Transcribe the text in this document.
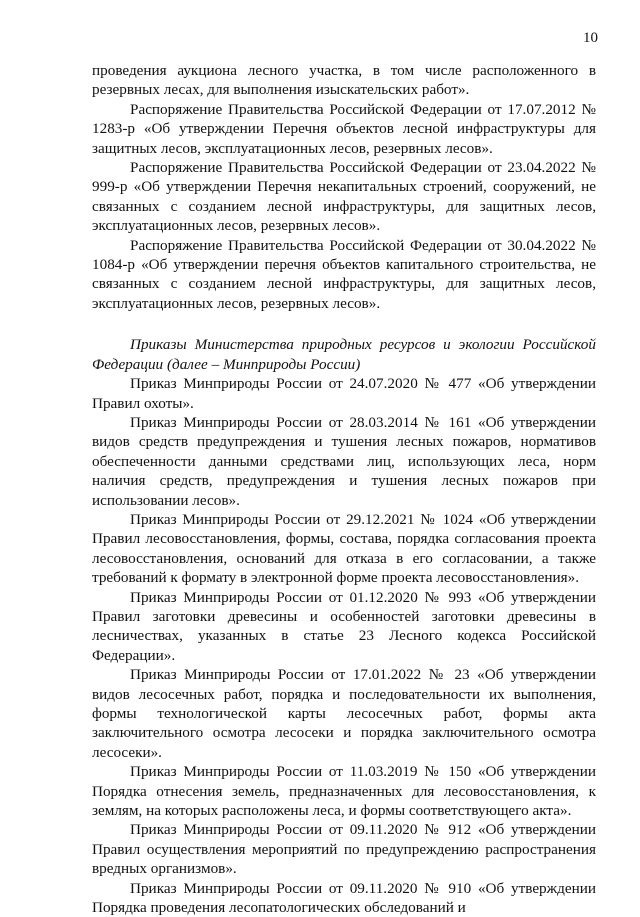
10

проведения аукциона лесного участка, в том числе расположенного в резервных лесах, для выполнения изыскательских работ».

Распоряжение Правительства Российской Федерации от 17.07.2012 № 1283-р «Об утверждении Перечня объектов лесной инфраструктуры для защитных лесов, эксплуатационных лесов, резервных лесов».

Распоряжение Правительства Российской Федерации от 23.04.2022 № 999-р «Об утверждении Перечня некапитальных строений, сооружений, не связанных с созданием лесной инфраструктуры, для защитных лесов, эксплуатационных лесов, резервных лесов».

Распоряжение Правительства Российской Федерации от 30.04.2022 № 1084-р «Об утверждении перечня объектов капитального строительства, не связанных с созданием лесной инфраструктуры, для защитных лесов, эксплуатационных лесов, резервных лесов».

Приказы Министерства природных ресурсов и экологии Российской Федерации (далее – Минприроды России)

Приказ Минприроды России от 24.07.2020 № 477 «Об утверждении Правил охоты».

Приказ Минприроды России от 28.03.2014 № 161 «Об утверждении видов средств предупреждения и тушения лесных пожаров, нормативов обеспеченности данными средствами лиц, использующих леса, норм наличия средств, предупреждения и тушения лесных пожаров при использовании лесов».

Приказ Минприроды России от 29.12.2021 № 1024 «Об утверждении Правил лесовосстановления, формы, состава, порядка согласования проекта лесовосстановления, оснований для отказа в его согласовании, а также требований к формату в электронной форме проекта лесовосстановления».

Приказ Минприроды России от 01.12.2020 № 993 «Об утверждении Правил заготовки древесины и особенностей заготовки древесины в лесничествах, указанных в статье 23 Лесного кодекса Российской Федерации».

Приказ Минприроды России от 17.01.2022 № 23 «Об утверждении видов лесосечных работ, порядка и последовательности их выполнения, формы технологической карты лесосечных работ, формы акта заключительного осмотра лесосеки и порядка заключительного осмотра лесосеки».

Приказ Минприроды России от 11.03.2019 № 150 «Об утверждении Порядка отнесения земель, предназначенных для лесовосстановления, к землям, на которых расположены леса, и формы соответствующего акта».

Приказ Минприроды России от 09.11.2020 № 912 «Об утверждении Правил осуществления мероприятий по предупреждению распространения вредных организмов».

Приказ Минприроды России от 09.11.2020 № 910 «Об утверждении Порядка проведения лесопатологических обследований и
